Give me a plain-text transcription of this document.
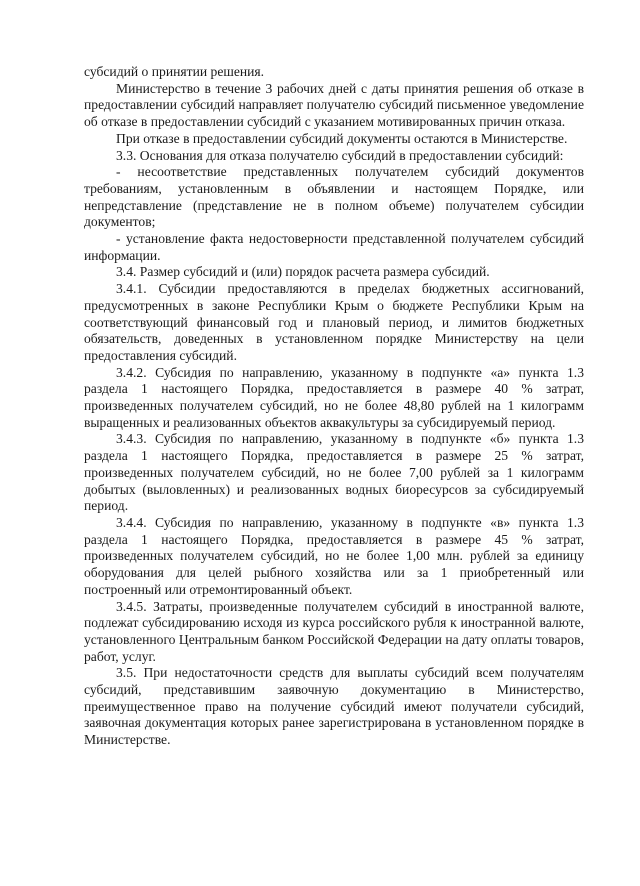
субсидий о принятии решения.

Министерство в течение 3 рабочих дней с даты принятия решения об отказе в предоставлении субсидий направляет получателю субсидий письменное уведомление об отказе в предоставлении субсидий с указанием мотивированных причин отказа.

При отказе в предоставлении субсидий документы остаются в Министерстве.

3.3. Основания для отказа получателю субсидий в предоставлении субсидий:

- несоответствие представленных получателем субсидий документов требованиям, установленным в объявлении и настоящем Порядке, или непредставление (представление не в полном объеме) получателем субсидии документов;

- установление факта недостоверности представленной получателем субсидий информации.

3.4. Размер субсидий и (или) порядок расчета размера субсидий.

3.4.1. Субсидии предоставляются в пределах бюджетных ассигнований, предусмотренных в законе Республики Крым о бюджете Республики Крым на соответствующий финансовый год и плановый период, и лимитов бюджетных обязательств, доведенных в установленном порядке Министерству на цели предоставления субсидий.

3.4.2. Субсидия по направлению, указанному в подпункте «а» пункта 1.3 раздела 1 настоящего Порядка, предоставляется в размере 40 % затрат, произведенных получателем субсидий, но не более 48,80 рублей на 1 килограмм выращенных и реализованных объектов аквакультуры за субсидируемый период.

3.4.3. Субсидия по направлению, указанному в подпункте «б» пункта 1.3 раздела 1 настоящего Порядка, предоставляется в размере 25 % затрат, произведенных получателем субсидий, но не более 7,00 рублей за 1 килограмм добытых (выловленных) и реализованных водных биоресурсов за субсидируемый период.

3.4.4. Субсидия по направлению, указанному в подпункте «в» пункта 1.3 раздела 1 настоящего Порядка, предоставляется в размере 45 % затрат, произведенных получателем субсидий, но не более 1,00 млн. рублей за единицу оборудования для целей рыбного хозяйства или за 1 приобретенный или построенный или отремонтированный объект.

3.4.5. Затраты, произведенные получателем субсидий в иностранной валюте, подлежат субсидированию исходя из курса российского рубля к иностранной валюте, установленного Центральным банком Российской Федерации на дату оплаты товаров, работ, услуг.

3.5. При недостаточности средств для выплаты субсидий всем получателям субсидий, представившим заявочную документацию в Министерство, преимущественное право на получение субсидий имеют получатели субсидий, заявочная документация которых ранее зарегистрирована в установленном порядке в Министерстве.
